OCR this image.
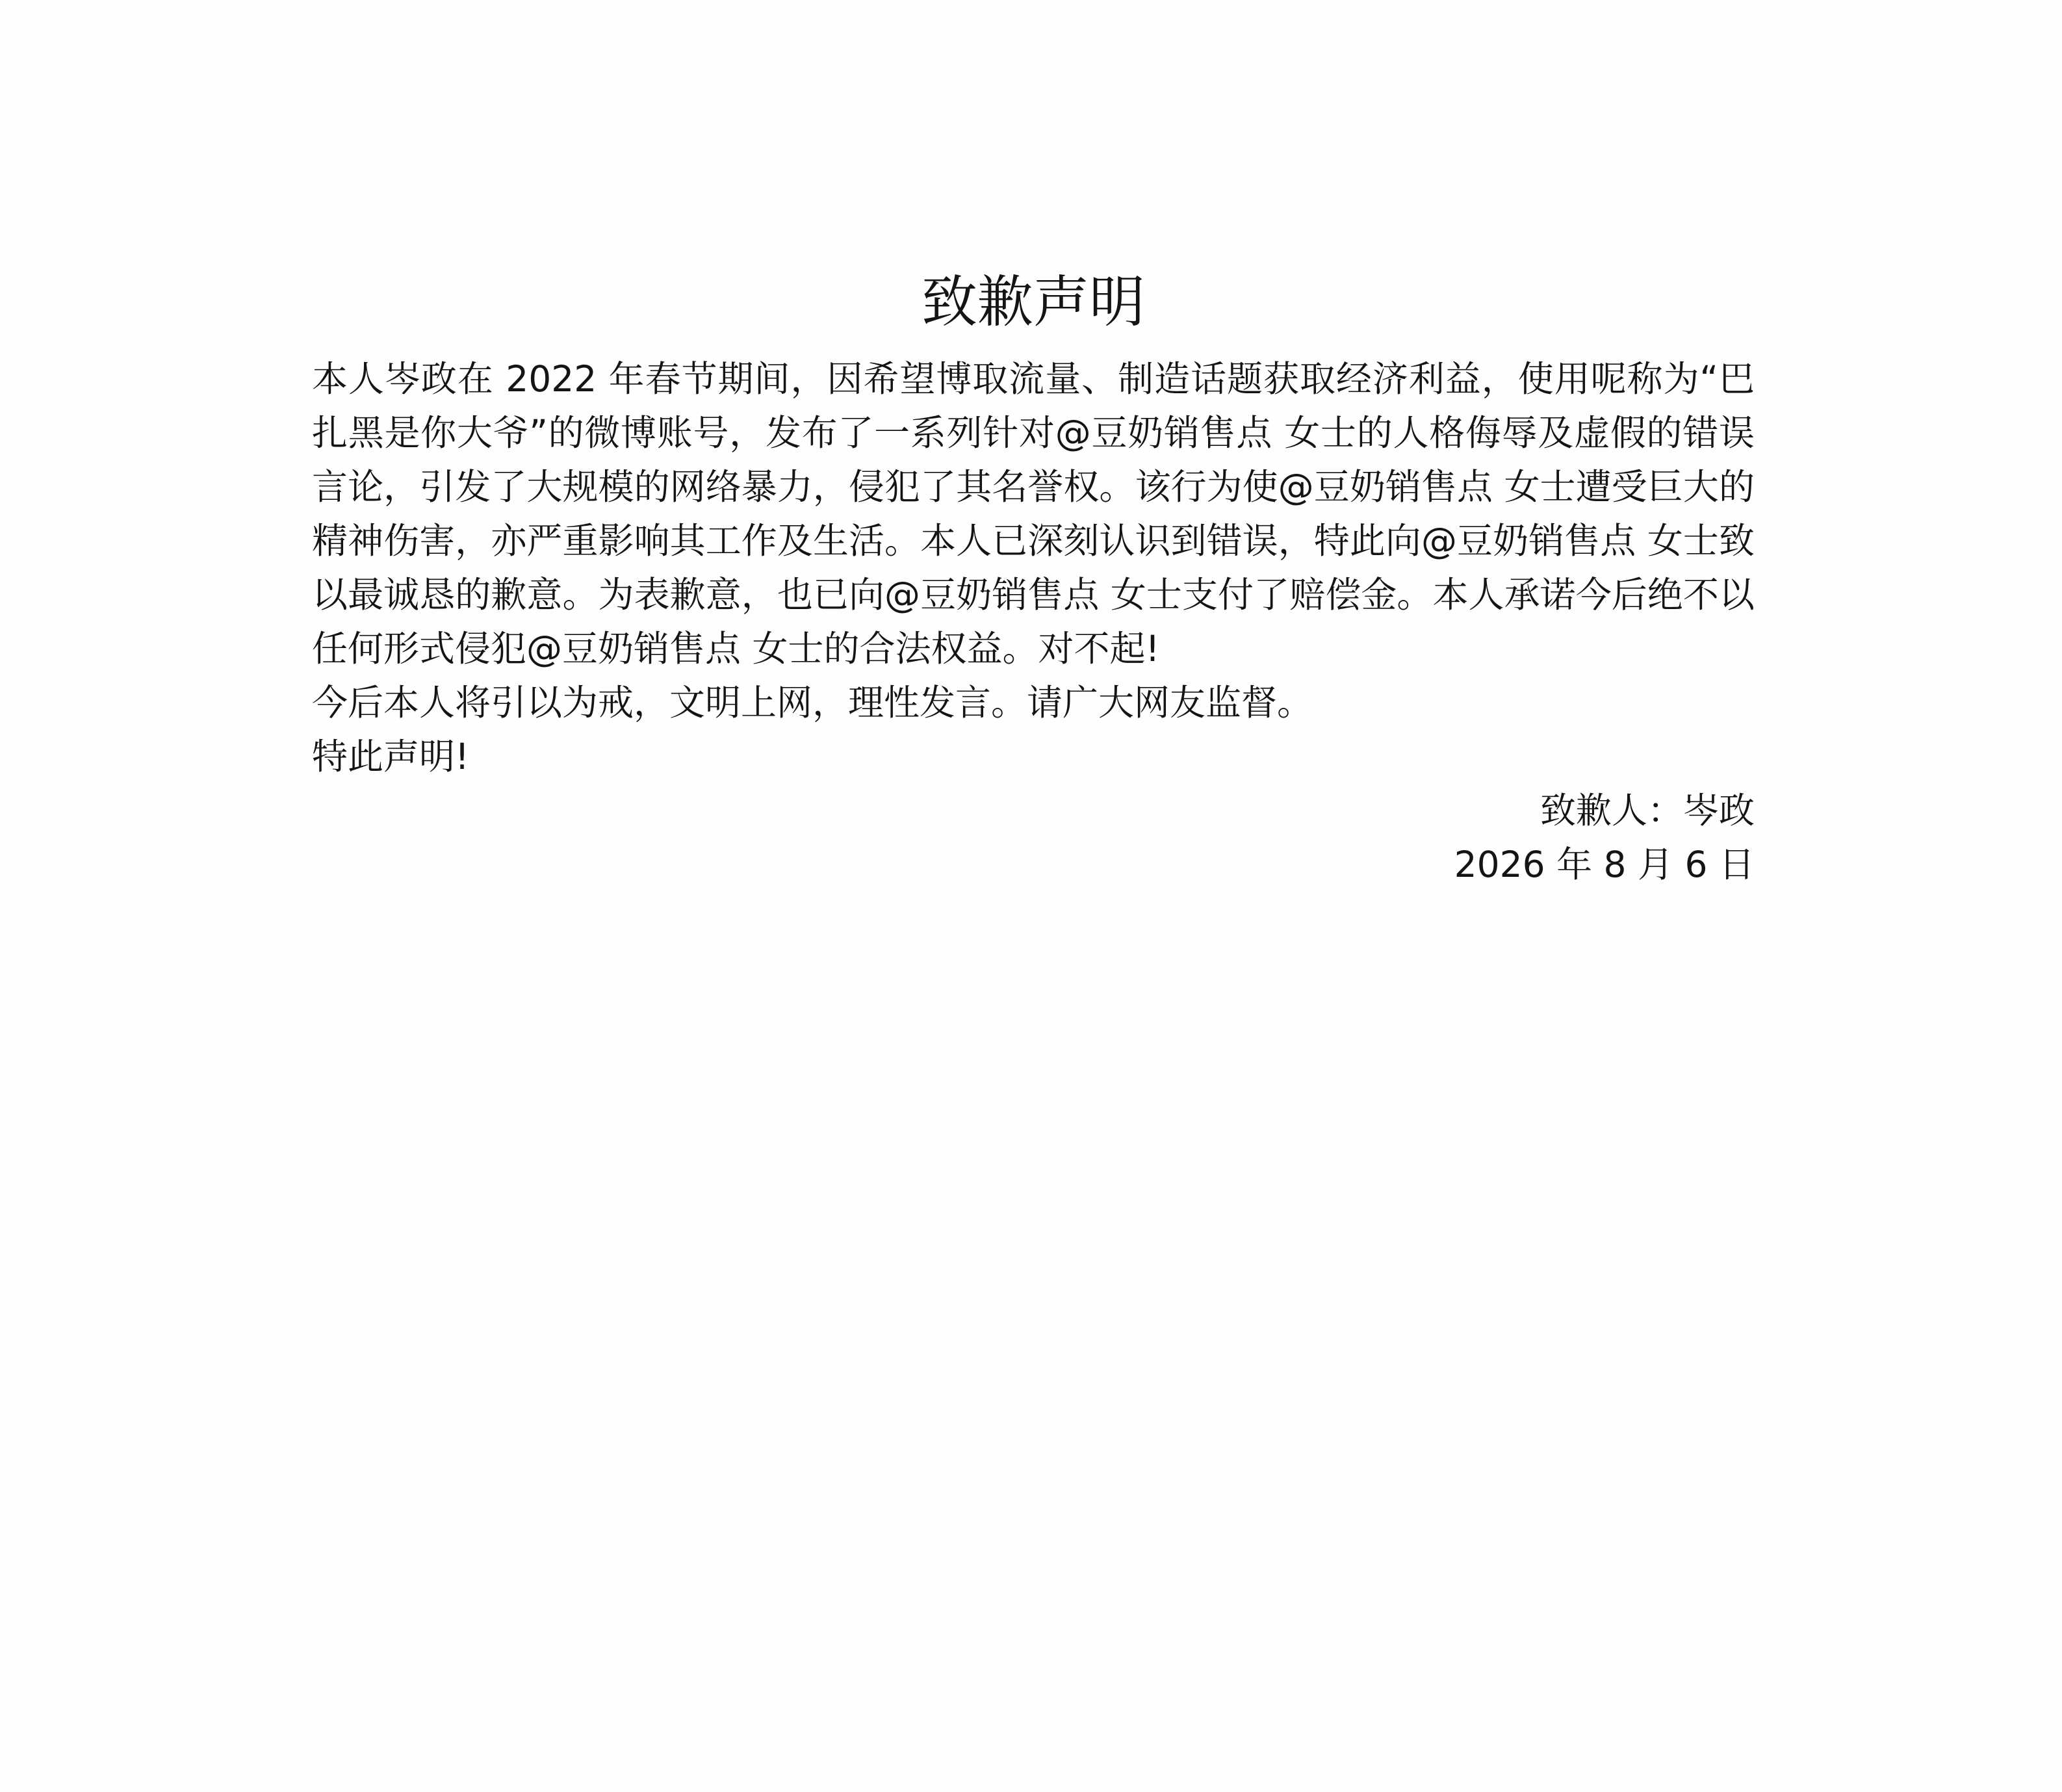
致歉声明

本人岑政在 2022 年春节期间，因希望博取流量、制造话题获取经济利益，使用呢称为“巴扎黑是你大爷”的微博账号，发布了一系列针对@豆奶销售点 女士的人格侮辱及虚假的错误言论，引发了大规模的网络暴力，侵犯了其名誉权。该行为使@豆奶销售点 女士遭受巨大的精神伤害，亦严重影响其工作及生活。本人已深刻认识到错误，特此向@豆奶销售点 女士致以最诚恳的歉意。为表歉意，也已向@豆奶销售点 女士支付了赔偿金。本人承诺今后绝不以任何形式侵犯@豆奶销售点 女士的合法权益。对不起!

今后本人将引以为戒，文明上网，理性发言。请广大网友监督。

特此声明!

致歉人：岑政

2026 年 8 月 6 日
